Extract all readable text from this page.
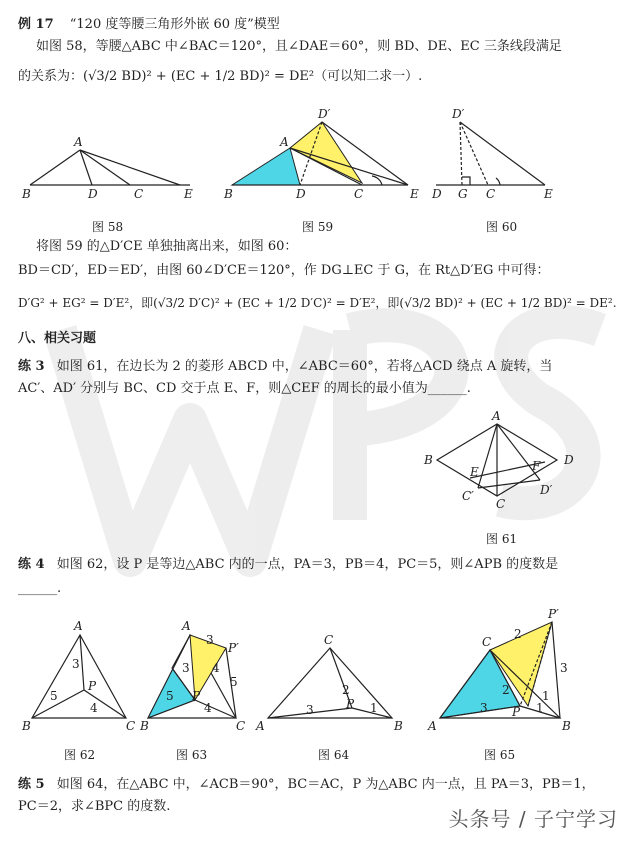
例 17 “120 度等腰三角形外嵌 60 度”模型
如图 58，等腰△ABC 中∠BAC＝120°，且∠DAE＝60°，则 BD、DE、EC 三条线段满足
的关系为：(√3/2 BD)² + (EC + 1/2 BD)² = DE²（可以知二求一）.
A
B	D	C	E
A
D′
B	D	C	E
D′
D G C	E
图 58	图 59	图 60
将图 59 的△D′CE 单独抽离出来，如图 60：
BD＝CD′，ED＝ED′，由图 60∠D′CE＝120°，作 DG⊥EC 于 G，在 Rt△D′EG 中可得：
D′G² + EG² = D′E²，即(√3/2 D′C)² + (EC + 1/2 D′C)² = D′E²，即(√3/2 BD)² + (EC + 1/2 BD)² = DE².
八、相关习题
练 3 如图 61，在边长为 2 的菱形 ABCD 中，∠ABC＝60°，若将△ACD 绕点 A 旋转，当
AC′、AD′ 分别与 BC、CD 交于点 E、F，则△CEF 的周长的最小值为______.
A
B	D
E	F
C′	D′
C
图 61
练 4 如图 62，设 P 是等边△ABC 内的一点，PA＝3，PB＝4，PC＝5，则∠APB 的度数是
______.
A
B	C
P
3
5
4
A
P′
B	C
P
3
3
5
5
4
4
C
A	B
P
2
3	1
C
P′
A	B
P
2
2
3
3	1
1
图 62	图 63	图 64	图 65
练 5 如图 64，在△ABC 中，∠ACB＝90°，BC＝AC，P 为△ABC 内一点，且 PA＝3，PB＝1，
PC＝2，求∠BPC 的度数.
头条号 / 子宁学习
